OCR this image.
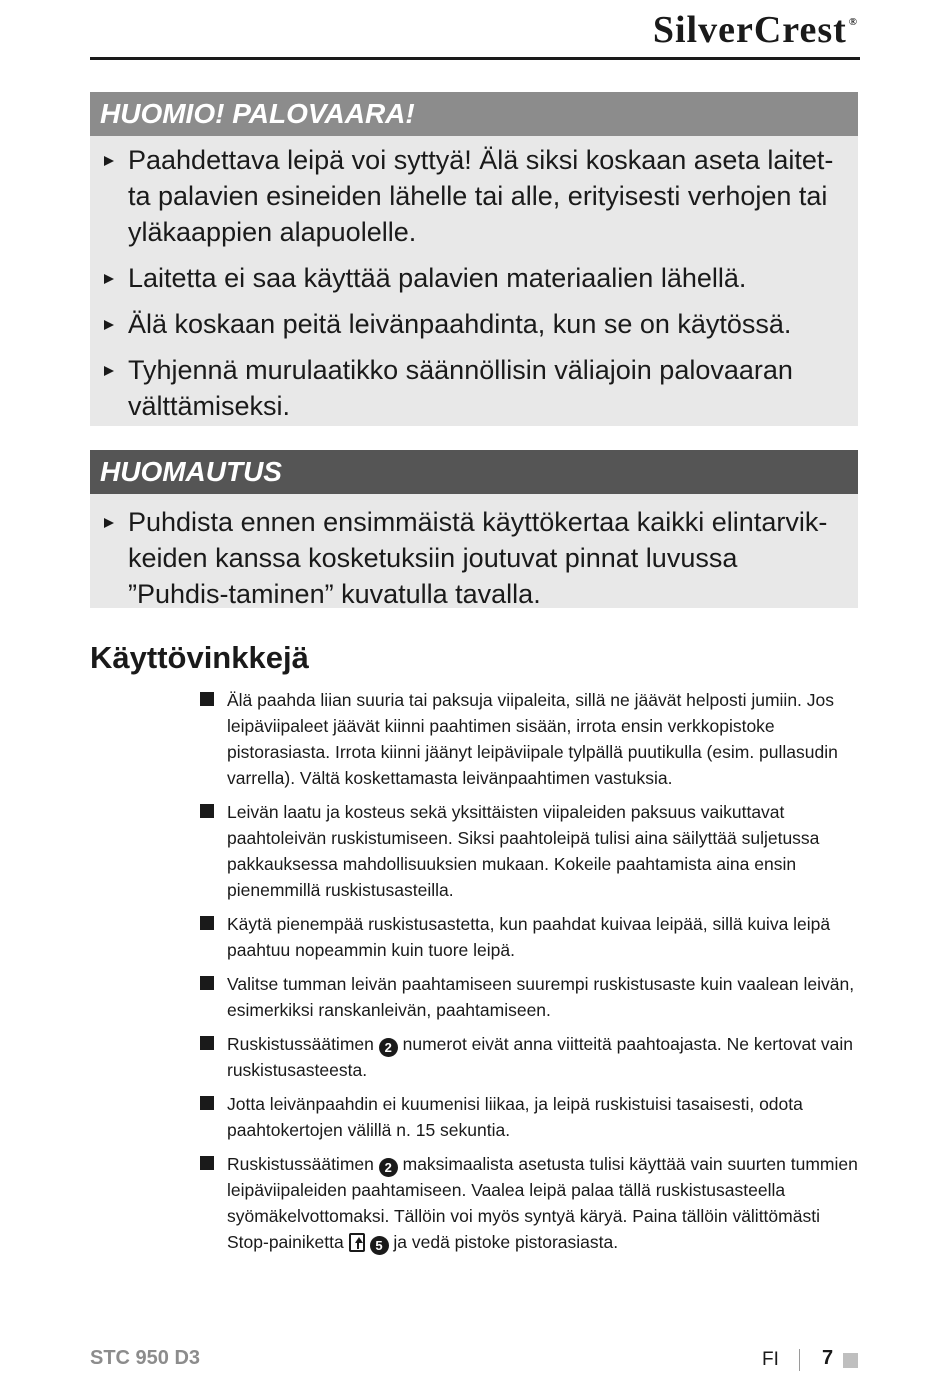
SilverCrest ®
HUOMIO! PALOVAARA!
Paahdettava leipä voi syttyä! Älä siksi koskaan aseta laitet-ta palavien esineiden lähelle tai alle, erityisesti verhojen tai yläkaappien alapuolelle.
Laitetta ei saa käyttää palavien materiaalien lähellä.
Älä koskaan peitä leivänpaahdinta, kun se on käytössä.
Tyhjennä murulaatikko säännöllisin väliajoin palovaaran välttämiseksi.
HUOMAUTUS
Puhdista ennen ensimmäistä käyttökertaa kaikki elintarvik-keiden kanssa kosketuksiin joutuvat pinnat luvussa ”Puhdis-taminen” kuvatulla tavalla.
Käyttövinkkejä
Älä paahda liian suuria tai paksuja viipaleita, sillä ne jäävät helposti jumiin. Jos leipäviipaleet jäävät kiinni paahtimen sisään, irrota ensin verkkopistoke pistorasiasta. Irrota kiinni jäänyt leipäviipale tylpällä puutikulla (esim. pullasudin varrella). Vältä koskettamasta leivänpaahtimen vastuksia.
Leivän laatu ja kosteus sekä yksittäisten viipaleiden paksuus vaikuttavat paahtoleivän ruskistumiseen. Siksi paahtoleipä tulisi aina säilyttää suljetussa pakkauksessa mahdollisuuksien mukaan. Kokeile paahtamista aina ensin pienemmillä ruskistusasteilla.
Käytä pienempää ruskistusastetta, kun paahdat kuivaa leipää, sillä kuiva leipä paahtuu nopeammin kuin tuore leipä.
Valitse tumman leivän paahtamiseen suurempi ruskistusaste kuin vaalean leivän, esimerkiksi ranskanleivän, paahtamiseen.
Ruskistussäätimen 2 numerot eivät anna viitteitä paahtoajasta. Ne kertovat vain ruskistusasteesta.
Jotta leivänpaahdin ei kuumenisi liikaa, ja leipä ruskistuisi tasaisesti, odota paahtokertojen välillä n. 15 sekuntia.
Ruskistussäätimen 2 maksimaalista asetusta tulisi käyttää vain suurten tummien leipäviipaleiden paahtamiseen. Vaalea leipä palaa tällä ruskistusasteella syömäkelvottomaksi. Tällöin voi myös syntyä käryä. Paina tällöin välittömästi Stop-painiketta 5 ja vedä pistoke pistorasiasta.
STC 950 D3	FI 7
